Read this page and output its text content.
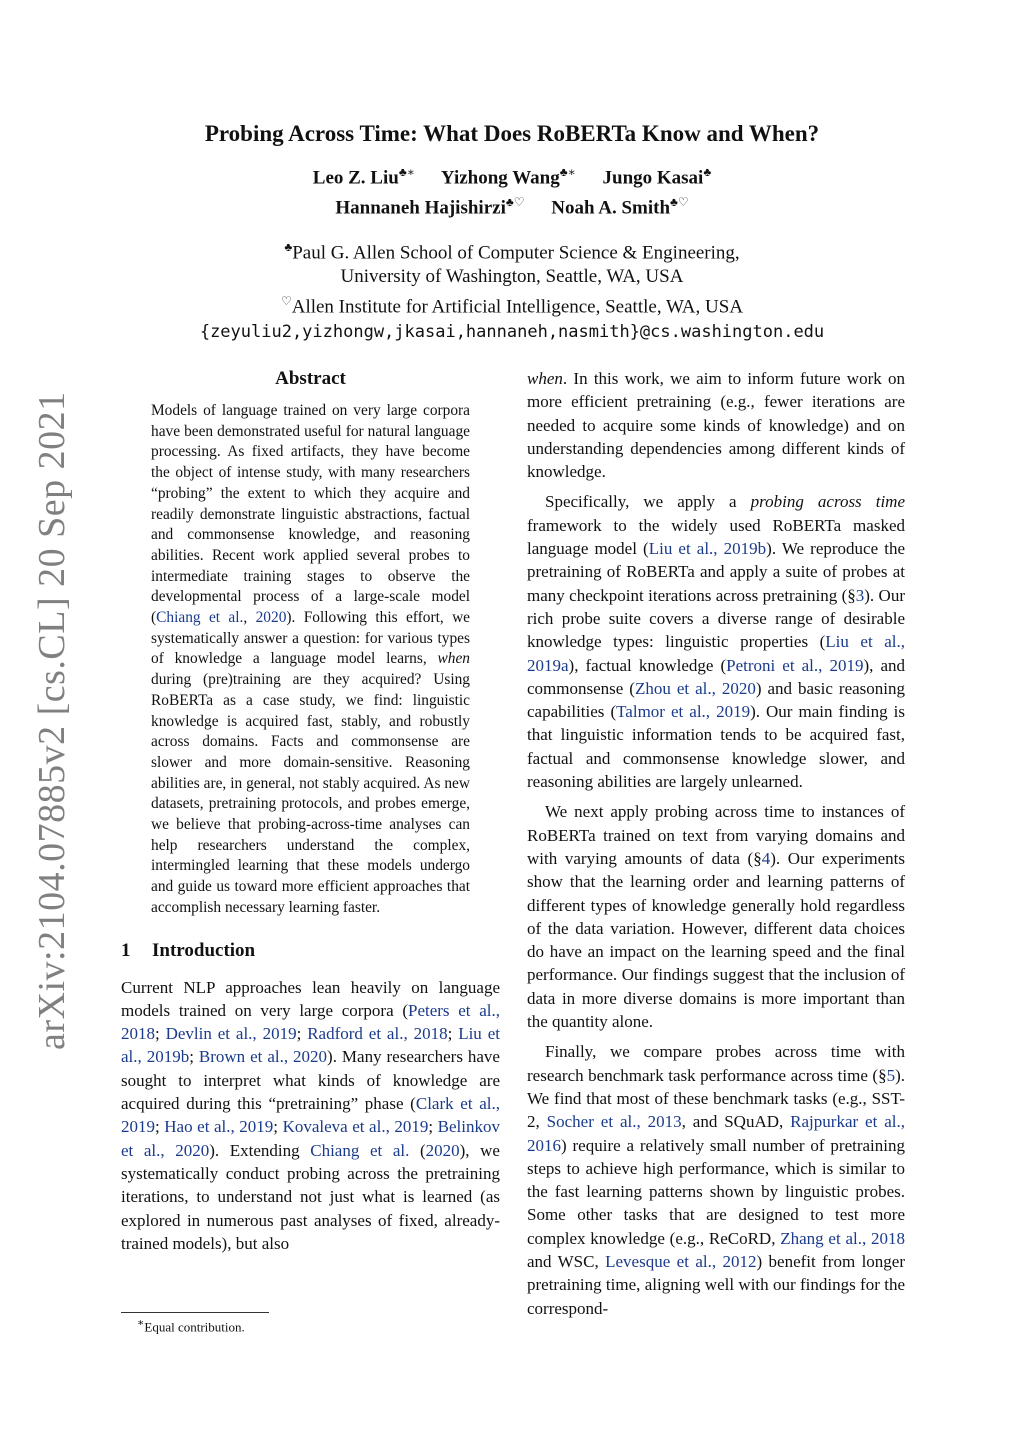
arXiv:2104.07885v2 [cs.CL] 20 Sep 2021
Probing Across Time: What Does RoBERTa Know and When?
Leo Z. Liu♣∗ Yizhong Wang♣∗ Jungo Kasai♣
Hannaneh Hajishirzi♣♡ Noah A. Smith♣♡
♣Paul G. Allen School of Computer Science & Engineering,
University of Washington, Seattle, WA, USA
♡Allen Institute for Artificial Intelligence, Seattle, WA, USA
{zeyuliu2,yizhongw,jkasai,hannaneh,nasmith}@cs.washington.edu
Abstract

Models of language trained on very large corpora have been demonstrated useful for natural language processing. As fixed artifacts, they have become the object of intense study, with many researchers “probing” the extent to which they acquire and readily demonstrate linguistic abstractions, factual and commonsense knowledge, and reasoning abilities. Recent work applied several probes to intermediate training stages to observe the developmental process of a large-scale model (Chiang et al., 2020). Following this effort, we systematically answer a question: for various types of knowledge a language model learns, when during (pre)training are they acquired? Using RoBERTa as a case study, we find: linguistic knowledge is acquired fast, stably, and robustly across domains. Facts and commonsense are slower and more domain-sensitive. Reasoning abilities are, in general, not stably acquired. As new datasets, pretraining protocols, and probes emerge, we believe that probing-across-time analyses can help researchers understand the complex, intermingled learning that these models undergo and guide us toward more efficient approaches that accomplish necessary learning faster.

1 Introduction

Current NLP approaches lean heavily on language models trained on very large corpora (Peters et al., 2018; Devlin et al., 2019; Radford et al., 2018; Liu et al., 2019b; Brown et al., 2020). Many researchers have sought to interpret what kinds of knowledge are acquired during this “pretraining” phase (Clark et al., 2019; Hao et al., 2019; Kovaleva et al., 2019; Belinkov et al., 2020). Extending Chiang et al. (2020), we systematically conduct probing across the pretraining iterations, to understand not just what is learned (as explored in numerous past analyses of fixed, already-trained models), but also

when. In this work, we aim to inform future work on more efficient pretraining (e.g., fewer iterations are needed to acquire some kinds of knowledge) and on understanding dependencies among different kinds of knowledge.

Specifically, we apply a probing across time framework to the widely used RoBERTa masked language model (Liu et al., 2019b). We reproduce the pretraining of RoBERTa and apply a suite of probes at many checkpoint iterations across pretraining (§3). Our rich probe suite covers a diverse range of desirable knowledge types: linguistic properties (Liu et al., 2019a), factual knowledge (Petroni et al., 2019), and commonsense (Zhou et al., 2020) and basic reasoning capabilities (Talmor et al., 2019). Our main finding is that linguistic information tends to be acquired fast, factual and commonsense knowledge slower, and reasoning abilities are largely unlearned.

We next apply probing across time to instances of RoBERTa trained on text from varying domains and with varying amounts of data (§4). Our experiments show that the learning order and learning patterns of different types of knowledge generally hold regardless of the data variation. However, different data choices do have an impact on the learning speed and the final performance. Our findings suggest that the inclusion of data in more diverse domains is more important than the quantity alone.

Finally, we compare probes across time with research benchmark task performance across time (§5). We find that most of these benchmark tasks (e.g., SST-2, Socher et al., 2013, and SQuAD, Rajpurkar et al., 2016) require a relatively small number of pretraining steps to achieve high performance, which is similar to the fast learning patterns shown by linguistic probes. Some other tasks that are designed to test more complex knowledge (e.g., ReCoRD, Zhang et al., 2018 and WSC, Levesque et al., 2012) benefit from longer pretraining time, aligning well with our findings for the correspond-

∗Equal contribution.
